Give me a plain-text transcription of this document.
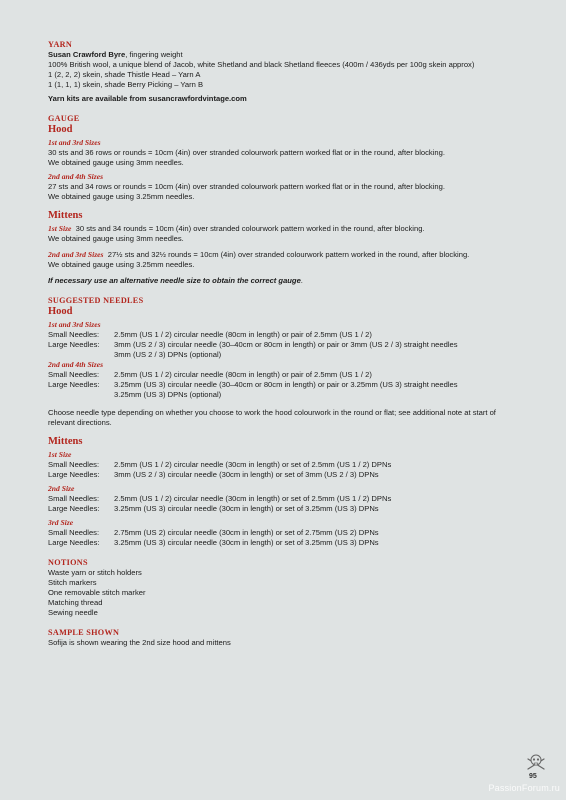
YARN

Susan Crawford Byre, fingering weight

100% British wool, a unique blend of Jacob, white Shetland and black Shetland fleeces (400m / 436yds per 100g skein approx)

1 (2, 2, 2) skein, shade Thistle Head – Yarn A

1 (1, 1, 1) skein, shade Berry Picking – Yarn B

Yarn kits are available from susancrawfordvintage.com

GAUGE
Hood
1st and 3rd Sizes

30 sts and 36 rows or rounds = 10cm (4in) over stranded colourwork pattern worked flat or in the round, after blocking.

We obtained gauge using 3mm needles.

2nd and 4th Sizes

27 sts and 34 rows or rounds = 10cm (4in) over stranded colourwork pattern worked flat or in the round, after blocking.

We obtained gauge using 3.25mm needles.

Mittens

1st Size 30 sts and 34 rounds = 10cm (4in) over stranded colourwork pattern worked in the round, after blocking.

We obtained gauge using 3mm needles.

2nd and 3rd Sizes 27½ sts and 32½ rounds = 10cm (4in) over stranded colourwork pattern worked in the round, after blocking.

We obtained gauge using 3.25mm needles.

If necessary use an alternative needle size to obtain the correct gauge.

SUGGESTED NEEDLES
Hood
1st and 3rd Sizes
Small Needles:	2.5mm (US 1 / 2) circular needle (80cm in length) or pair of 2.5mm (US 1 / 2)
Large Needles:	3mm (US 2 / 3) circular needle (30–40cm or 80cm in length) or pair or 3mm (US 2 / 3) straight needles
3mm (US 2 / 3) DPNs (optional)
2nd and 4th Sizes
Small Needles:	2.5mm (US 1 / 2) circular needle (80cm in length) or pair of 2.5mm (US 1 / 2)
Large Needles:	3.25mm (US 3) circular needle (30–40cm or 80cm in length) or pair or 3.25mm (US 3) straight needles
3.25mm (US 3) DPNs (optional)

Choose needle type depending on whether you choose to work the hood colourwork in the round or flat; see additional note at start of relevant directions.

Mittens
1st Size
Small Needles:	2.5mm (US 1 / 2) circular needle (30cm in length) or set of 2.5mm (US 1 / 2) DPNs
Large Needles:	3mm (US 2 / 3) circular needle (30cm in length) or set of 3mm (US 2 / 3) DPNs
2nd Size
Small Needles:	2.5mm (US 1 / 2) circular needle (30cm in length) or set of 2.5mm (US 1 / 2) DPNs
Large Needles:	3.25mm (US 3) circular needle (30cm in length) or set of 3.25mm (US 3) DPNs
3rd Size
Small Needles:	2.75mm (US 2) circular needle (30cm in length) or set of 2.75mm (US 2) DPNs
Large Needles:	3.25mm (US 3) circular needle (30cm in length) or set of 3.25mm (US 3) DPNs
NOTIONS

Waste yarn or stitch holders

Stitch markers

One removable stitch marker

Matching thread

Sewing needle

SAMPLE SHOWN

Sofija is shown wearing the 2nd size hood and mittens

95
PassionForum.ru
